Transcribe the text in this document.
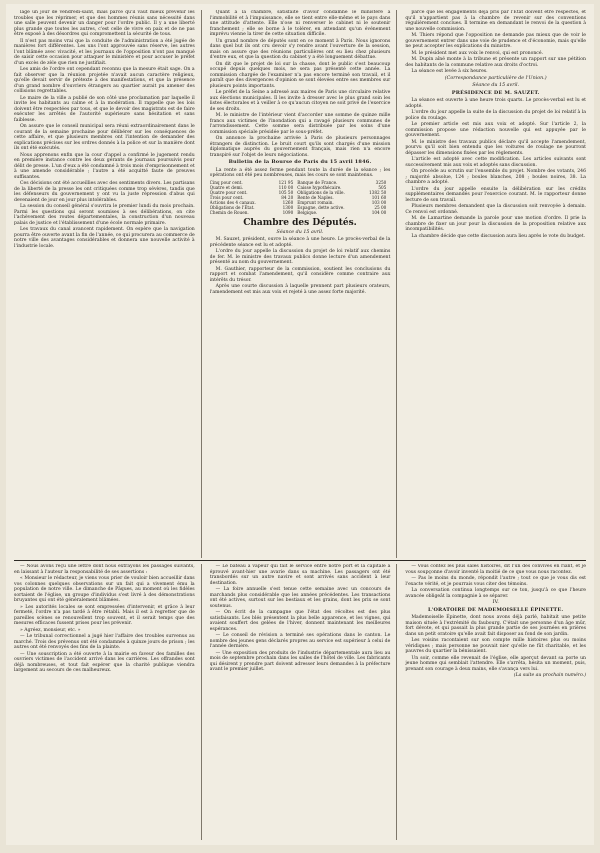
lage un jour de vendredi-saint, mais parce qu'il vaut mieux prévenir les troubles que les réprimer, et que des hommes réunis sans nécessité dans une salle peuvent devenir un danger pour l'ordre public. Il y a une liberté plus grande que toutes les autres, c'est celle de vivre en paix et de ne pas être exposé à des désordres qui compromettent la sécurité de tous.

Il n'est pas moins vrai que la conduite de l'administration a été jugée de manières fort différentes. Les uns l'ont approuvée sans réserve, les autres l'ont blâmée avec vivacité, et les journaux de l'opposition n'ont pas manqué de saisir cette occasion pour attaquer le ministère et pour accuser le préfet d'un excès de zèle que rien ne justifiait.

Les amis de l'ordre ont cependant reconnu que la mesure était sage. On a fait observer que la réunion projetée n'avait aucun caractère religieux, qu'elle devait servir de prétexte à des manifestations, et que la présence d'un grand nombre d'ouvriers étrangers au quartier aurait pu amener des collisions regrettables.

Le maire de la ville a publié de son côté une proclamation par laquelle il invite les habitants au calme et à la modération. Il rappelle que les lois doivent être respectées par tous, et que le devoir des magistrats est de faire exécuter les arrêtés de l'autorité supérieure sans hésitation et sans faiblesse.

On assure que le conseil municipal sera réuni extraordinairement dans le courant de la semaine prochaine pour délibérer sur les conséquences de cette affaire, et que plusieurs membres ont l'intention de demander des explications précises sur les ordres donnés à la police et sur la manière dont ils ont été exécutés.

Nous apprenons enfin que la cour d'appel a confirmé le jugement rendu en première instance contre les deux gérants de journaux poursuivis pour délit de presse. L'un d'eux a été condamné à trois mois d'emprisonnement et à une amende considérable ; l'autre a été acquitté faute de preuves suffisantes.

Ces décisions ont été accueillies avec des sentiments divers. Les partisans de la liberté de la presse les ont critiquées comme trop sévères, tandis que les défenseurs du gouvernement y ont vu la juste répression d'abus qui devenaient de jour en jour plus intolérables.

La session du conseil général s'ouvrira le premier lundi du mois prochain. Parmi les questions qui seront soumises à ses délibérations, on cite l'achèvement des routes départementales, la construction d'un nouveau palais de justice et l'établissement d'une école normale primaire.

Les travaux du canal avancent rapidement. On espère que la navigation pourra être ouverte avant la fin de l'année, ce qui procurera au commerce de notre ville des avantages considérables et donnera une nouvelle activité à l'industrie locale.

Quant à la chambre, satisfaite d'avoir condamné le ministère à l'immobilité et à l'impuissance, elle se tient entre elle-même et le pays dans une attitude d'attente. Elle n'ose ni renverser le cabinet ni le soutenir franchement ; elle se borne à le tolérer, en attendant qu'un événement imprévu vienne la tirer de cette situation difficile.

Un grand nombre de députés sont en ce moment à Paris. Nous ignorons dans quel but ils ont cru devoir s'y rendre avant l'ouverture de la session, mais on assure que des réunions particulières ont eu lieu chez plusieurs d'entre eux, et que la question du cabinet y a été longuement débattue.

On dit que le projet de loi sur la chasse, dont le public s'est beaucoup occupé depuis quelques mois, ne sera pas présenté cette année. La commission chargée de l'examiner n'a pas encore terminé son travail, et il paraît que des divergences d'opinion se sont élevées entre ses membres sur plusieurs points importants.

Le préfet de la Seine a adressé aux maires de Paris une circulaire relative aux élections municipales. Il les invite à dresser avec le plus grand soin les listes électorales et à veiller à ce qu'aucun citoyen ne soit privé de l'exercice de ses droits.

M. le ministre de l'intérieur vient d'accorder une somme de quinze mille francs aux victimes de l'inondation qui a ravagé plusieurs communes de l'arrondissement. Cette somme sera distribuée par les soins d'une commission spéciale présidée par le sous-préfet.

On annonce la prochaine arrivée à Paris de plusieurs personnages étrangers de distinction. Le bruit court qu'ils sont chargés d'une mission diplomatique auprès du gouvernement français, mais rien n'a encore transpiré sur l'objet de leurs négociations.

Bulletin de la Bourse de Paris du 15 avril 1846.

La rente a été assez ferme pendant toute la durée de la séance ; les opérations ont été peu nombreuses, mais les cours se sont maintenus.

Cinq pour cent.	121 95	Banque de France.	3250
Quatre et demi.	110 00	Caisse hypothécaire.	505
Quatre pour cent.	105 50	Obligations de la ville.	1382 50
Trois pour cent.	84 20	Rente de Naples.	101 60
Actions des 4 canaux.	1260	Emprunt romain.	103 00
Obligations de l'État.	1300	Espagne, dette active.	25 00
Chemin de Rouen.	1090	Belgique.	104 00

Chambre des Députés.

Séance du 15 avril.

M. Sauzet, président, ouvre la séance à une heure. Le procès-verbal de la précédente séance est lu et adopté.

L'ordre du jour appelle la discussion du projet de loi relatif aux chemins de fer. M. le ministre des travaux publics donne lecture d'un amendement présenté au nom du gouvernement.

M. Gauthier, rapporteur de la commission, soutient les conclusions du rapport et combat l'amendement, qu'il considère comme contraire aux intérêts du trésor.

Après une courte discussion à laquelle prennent part plusieurs orateurs, l'amendement est mis aux voix et rejeté à une assez forte majorité.

parce que les engagements déjà pris par l'État doivent être respectés, et qu'il n'appartient pas à la chambre de revenir sur des conventions régulièrement conclues. Il termine en demandant le renvoi de la question à une nouvelle commission.

M. Thiers répond que l'opposition ne demande pas mieux que de voir le gouvernement entrer dans une voie de prudence et d'économie, mais qu'elle ne peut accepter les explications du ministre.

M. le président met aux voix le renvoi, qui est prononcé.

M. Dupin aîné monte à la tribune et présente un rapport sur une pétition des habitants de la commune relative aux droits d'octroi.

La séance est levée à six heures.

(Correspondance particulière de l'Union.)

Séance du 15 avril.

PRÉSIDENCE DE M. SAUZET.

La séance est ouverte à une heure trois quarts. Le procès-verbal est lu et adopté.

L'ordre du jour appelle la suite de la discussion du projet de loi relatif à la police du roulage.

Le premier article est mis aux voix et adopté. Sur l'article 2, la commission propose une rédaction nouvelle qui est appuyée par le gouvernement.

M. le ministre des travaux publics déclare qu'il accepte l'amendement, pourvu qu'il soit bien entendu que les voitures de roulage ne pourront dépasser les dimensions fixées par les règlements.

L'article est adopté avec cette modification. Les articles suivants sont successivement mis aux voix et adoptés sans discussion.

On procède au scrutin sur l'ensemble du projet. Nombre des votants, 246 ; majorité absolue, 124 ; boules blanches, 208 ; boules noires, 38. La chambre a adopté.

L'ordre du jour appelle ensuite la délibération sur les crédits supplémentaires demandés pour l'exercice courant. M. le rapporteur donne lecture de son travail.

Plusieurs membres demandent que la discussion soit renvoyée à demain. Ce renvoi est ordonné.

M. de Lamartine demande la parole pour une motion d'ordre. Il prie la chambre de fixer un jour pour la discussion de la proposition relative aux incompatibilités.

La chambre décide que cette discussion aura lieu après le vote du budget.

— Nous avons reçu une lettre dont nous extrayons les passages suivants, en laissant à l'auteur la responsabilité de ses assertions :

« Monsieur le rédacteur, je viens vous prier de vouloir bien accueillir dans vos colonnes quelques observations sur un fait qui a vivement ému la population de notre ville. Le dimanche de Pâques, au moment où les fidèles sortaient de l'église, un groupe d'individus s'est livré à des démonstrations bruyantes qui ont été généralement blâmées.

» Les autorités locales se sont empressées d'intervenir, et grâce à leur fermeté, l'ordre n'a pas tardé à être rétabli. Mais il est à regretter que de pareilles scènes se renouvellent trop souvent, et il serait temps que des mesures efficaces fussent prises pour les prévenir.

» Agréez, monsieur, etc. »

— Le tribunal correctionnel a jugé hier l'affaire des troubles survenus au marché. Trois des prévenus ont été condamnés à quinze jours de prison ; les autres ont été renvoyés des fins de la plainte.

— Une souscription a été ouverte à la mairie en faveur des familles des ouvriers victimes de l'accident arrivé dans les carrières. Les offrandes sont déjà nombreuses, et tout fait espérer que la charité publique viendra largement au secours de ces malheureux.

— Le bateau à vapeur qui fait le service entre notre port et la capitale a éprouvé avant-hier une avarie dans sa machine. Les passagers ont été transbordés sur un autre navire et sont arrivés sans accident à leur destination.

— La foire annuelle s'est tenue cette semaine avec un concours de marchands plus considérable que les années précédentes. Les transactions ont été actives, surtout sur les bestiaux et les grains, dont les prix se sont soutenus.

— On écrit de la campagne que l'état des récoltes est des plus satisfaisants. Les blés présentent la plus belle apparence, et les vignes, qui avaient souffert des gelées de l'hiver, donnent maintenant les meilleures espérances.

— Le conseil de révision a terminé ses opérations dans le canton. Le nombre des jeunes gens déclarés propres au service est supérieur à celui de l'année dernière.

— Une exposition des produits de l'industrie départementale aura lieu au mois de septembre prochain dans les salles de l'hôtel de ville. Les fabricants qui désirent y prendre part doivent adresser leurs demandes à la préfecture avant le premier juillet.

— Vous contez les plus sales histoires, dit l'un des convives en riant, et je vous soupçonne d'avoir inventé la moitié de ce que vous nous racontez.

— Pas le moins du monde, répondit l'autre ; tout ce que je vous dis est l'exacte vérité, et je pourrais vous citer des témoins.

La conversation continua longtemps sur ce ton, jusqu'à ce que l'heure avancée obligeât la compagnie à se séparer.

IV.

L'ORATOIRE DE MADEMOISELLE ÉPINETTE.

Mademoiselle Épinette, dont nous avons déjà parlé, habitait une petite maison située à l'extrémité du faubourg. C'était une personne d'un âge mûr, fort dévote, et qui passait la plus grande partie de ses journées en prières dans un petit oratoire qu'elle avait fait disposer au fond de son jardin.

Les voisins racontaient sur son compte mille histoires plus ou moins véridiques ; mais personne ne pouvait nier qu'elle ne fût charitable, et les pauvres du quartier la bénissaient.

Un soir, comme elle revenait de l'église, elle aperçut devant sa porte un jeune homme qui semblait l'attendre. Elle s'arrêta, hésita un moment, puis, prenant son courage à deux mains, elle s'avança vers lui.

(La suite au prochain numéro.)
